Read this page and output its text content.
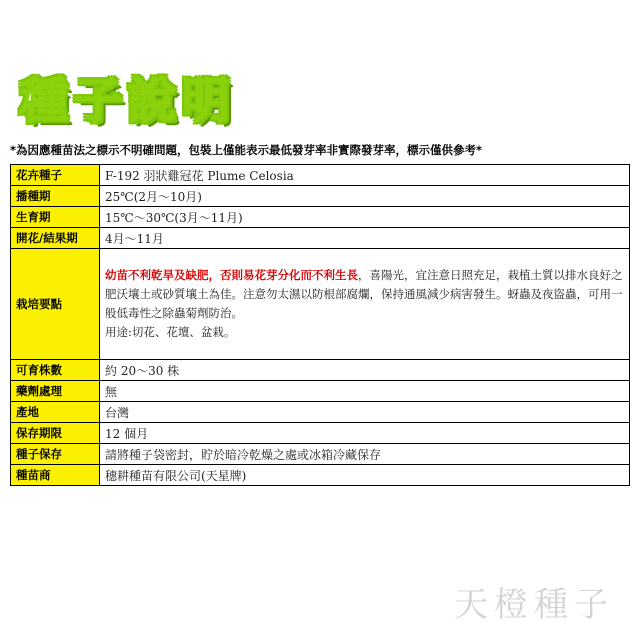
種子說明
*為因應種苗法之標示不明確問題，包裝上僅能表示最低發芽率非實際發芽率，標示僅供參考*
花卉種子	F-192 羽狀雞冠花 Plume Celosia
播種期	25℃(2月～10月)
生育期	15℃～30℃(3月～11月)
開花/結果期	4月～11月
栽培要點	幼苗不利乾旱及缺肥，否則易花芽分化而不利生長，喜陽光，宜注意日照充足，栽植土質以排水良好之肥沃壤土或砂質壤土為佳。注意勿太濕以防根部腐爛，保持通風減少病害發生。蚜蟲及夜盜蟲，可用一般低毒性之除蟲菊劑防治。
用途:切花、花壇、盆栽。
可育株數	約 20～30 株
藥劑處理	無
產地	台灣
保存期限	12 個月
種子保存	請將種子袋密封，貯於暗冷乾燥之處或冰箱冷藏保存
種苗商	穗耕種苗有限公司(天星牌)
天橙種子
